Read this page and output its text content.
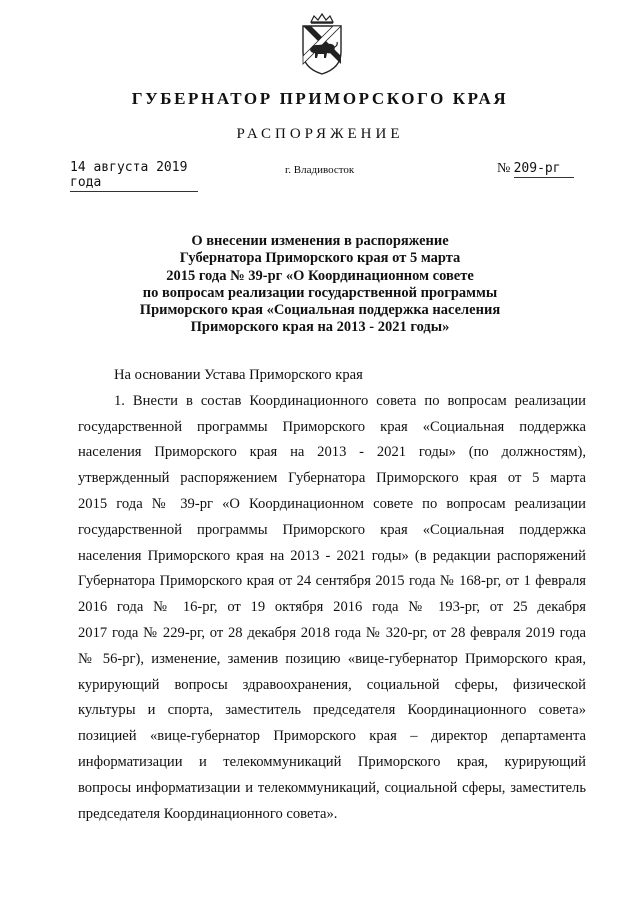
ГУБЕРНАТОР ПРИМОРСКОГО КРАЯ
РАСПОРЯЖЕНИЕ
14 августа 2019 года
г. Владивосток	№ 209-рг
О внесении изменения в распоряжение
Губернатора Приморского края от 5 марта
2015 года № 39-рг «О Координационном совете
по вопросам реализации государственной программы
Приморского края «Социальная поддержка населения
Приморского края на 2013 - 2021 годы»
На основании Устава Приморского края
1. Внести в состав Координационного совета по вопросам реализации
государственной программы Приморского края «Социальная поддержка
населения Приморского края на 2013 - 2021 годы» (по должностям),
утвержденный распоряжением Губернатора Приморского края от 5 марта
2015 года № 39-рг «О Координационном совете по вопросам реализации
государственной программы Приморского края «Социальная поддержка
населения Приморского края на 2013 - 2021 годы» (в редакции распоряжений
Губернатора Приморского края от 24 сентября 2015 года № 168-рг, от 1 февраля
2016 года № 16-рг, от 19 октября 2016 года № 193-рг, от 25 декабря
2017 года № 229-рг, от 28 декабря 2018 года № 320-рг, от 28 февраля 2019 года
№ 56-рг), изменение, заменив позицию «вице-губернатор Приморского края,
курирующий вопросы здравоохранения, социальной сферы, физической
культуры и спорта, заместитель председателя Координационного совета»
позицией «вице-губернатор Приморского края – директор департамента
информатизации и телекоммуникаций Приморского края, курирующий
вопросы информатизации и телекоммуникаций, социальной сферы, заместитель
председателя Координационного совета».
